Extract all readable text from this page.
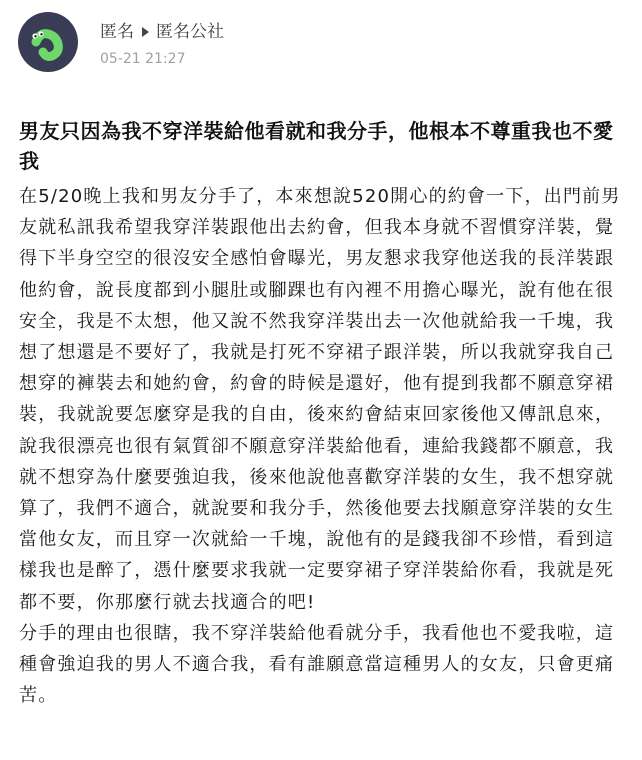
匿名 匿名公社
05-21 21:27
男友只因為我不穿洋裝給他看就和我分手，他根本不尊重我也不愛我

在5/20晚上我和男友分手了，本來想說520開心的約會一下，出門前男友就私訊我希望我穿洋裝跟他出去約會，但我本身就不習慣穿洋裝，覺得下半身空空的很沒安全感怕會曝光，男友懇求我穿他送我的長洋裝跟他約會，說長度都到小腿肚或腳踝也有內裡不用擔心曝光，說有他在很安全，我是不太想，他又說不然我穿洋裝出去一次他就給我一千塊，我想了想還是不要好了，我就是打死不穿裙子跟洋裝，所以我就穿我自己想穿的褲裝去和她約會，約會的時候是還好，他有提到我都不願意穿裙裝，我就說要怎麼穿是我的自由，後來約會結束回家後他又傳訊息來，說我很漂亮也很有氣質卻不願意穿洋裝給他看，連給我錢都不願意，我就不想穿為什麼要強迫我，後來他說他喜歡穿洋裝的女生，我不想穿就算了，我們不適合，就說要和我分手，然後他要去找願意穿洋裝的女生當他女友，而且穿一次就給一千塊，說他有的是錢我卻不珍惜，看到這樣我也是醉了，憑什麼要求我就一定要穿裙子穿洋裝給你看，我就是死都不要，你那麼行就去找適合的吧!

分手的理由也很瞎，我不穿洋裝給他看就分手，我看他也不愛我啦，這種會強迫我的男人不適合我，看有誰願意當這種男人的女友，只會更痛苦。
